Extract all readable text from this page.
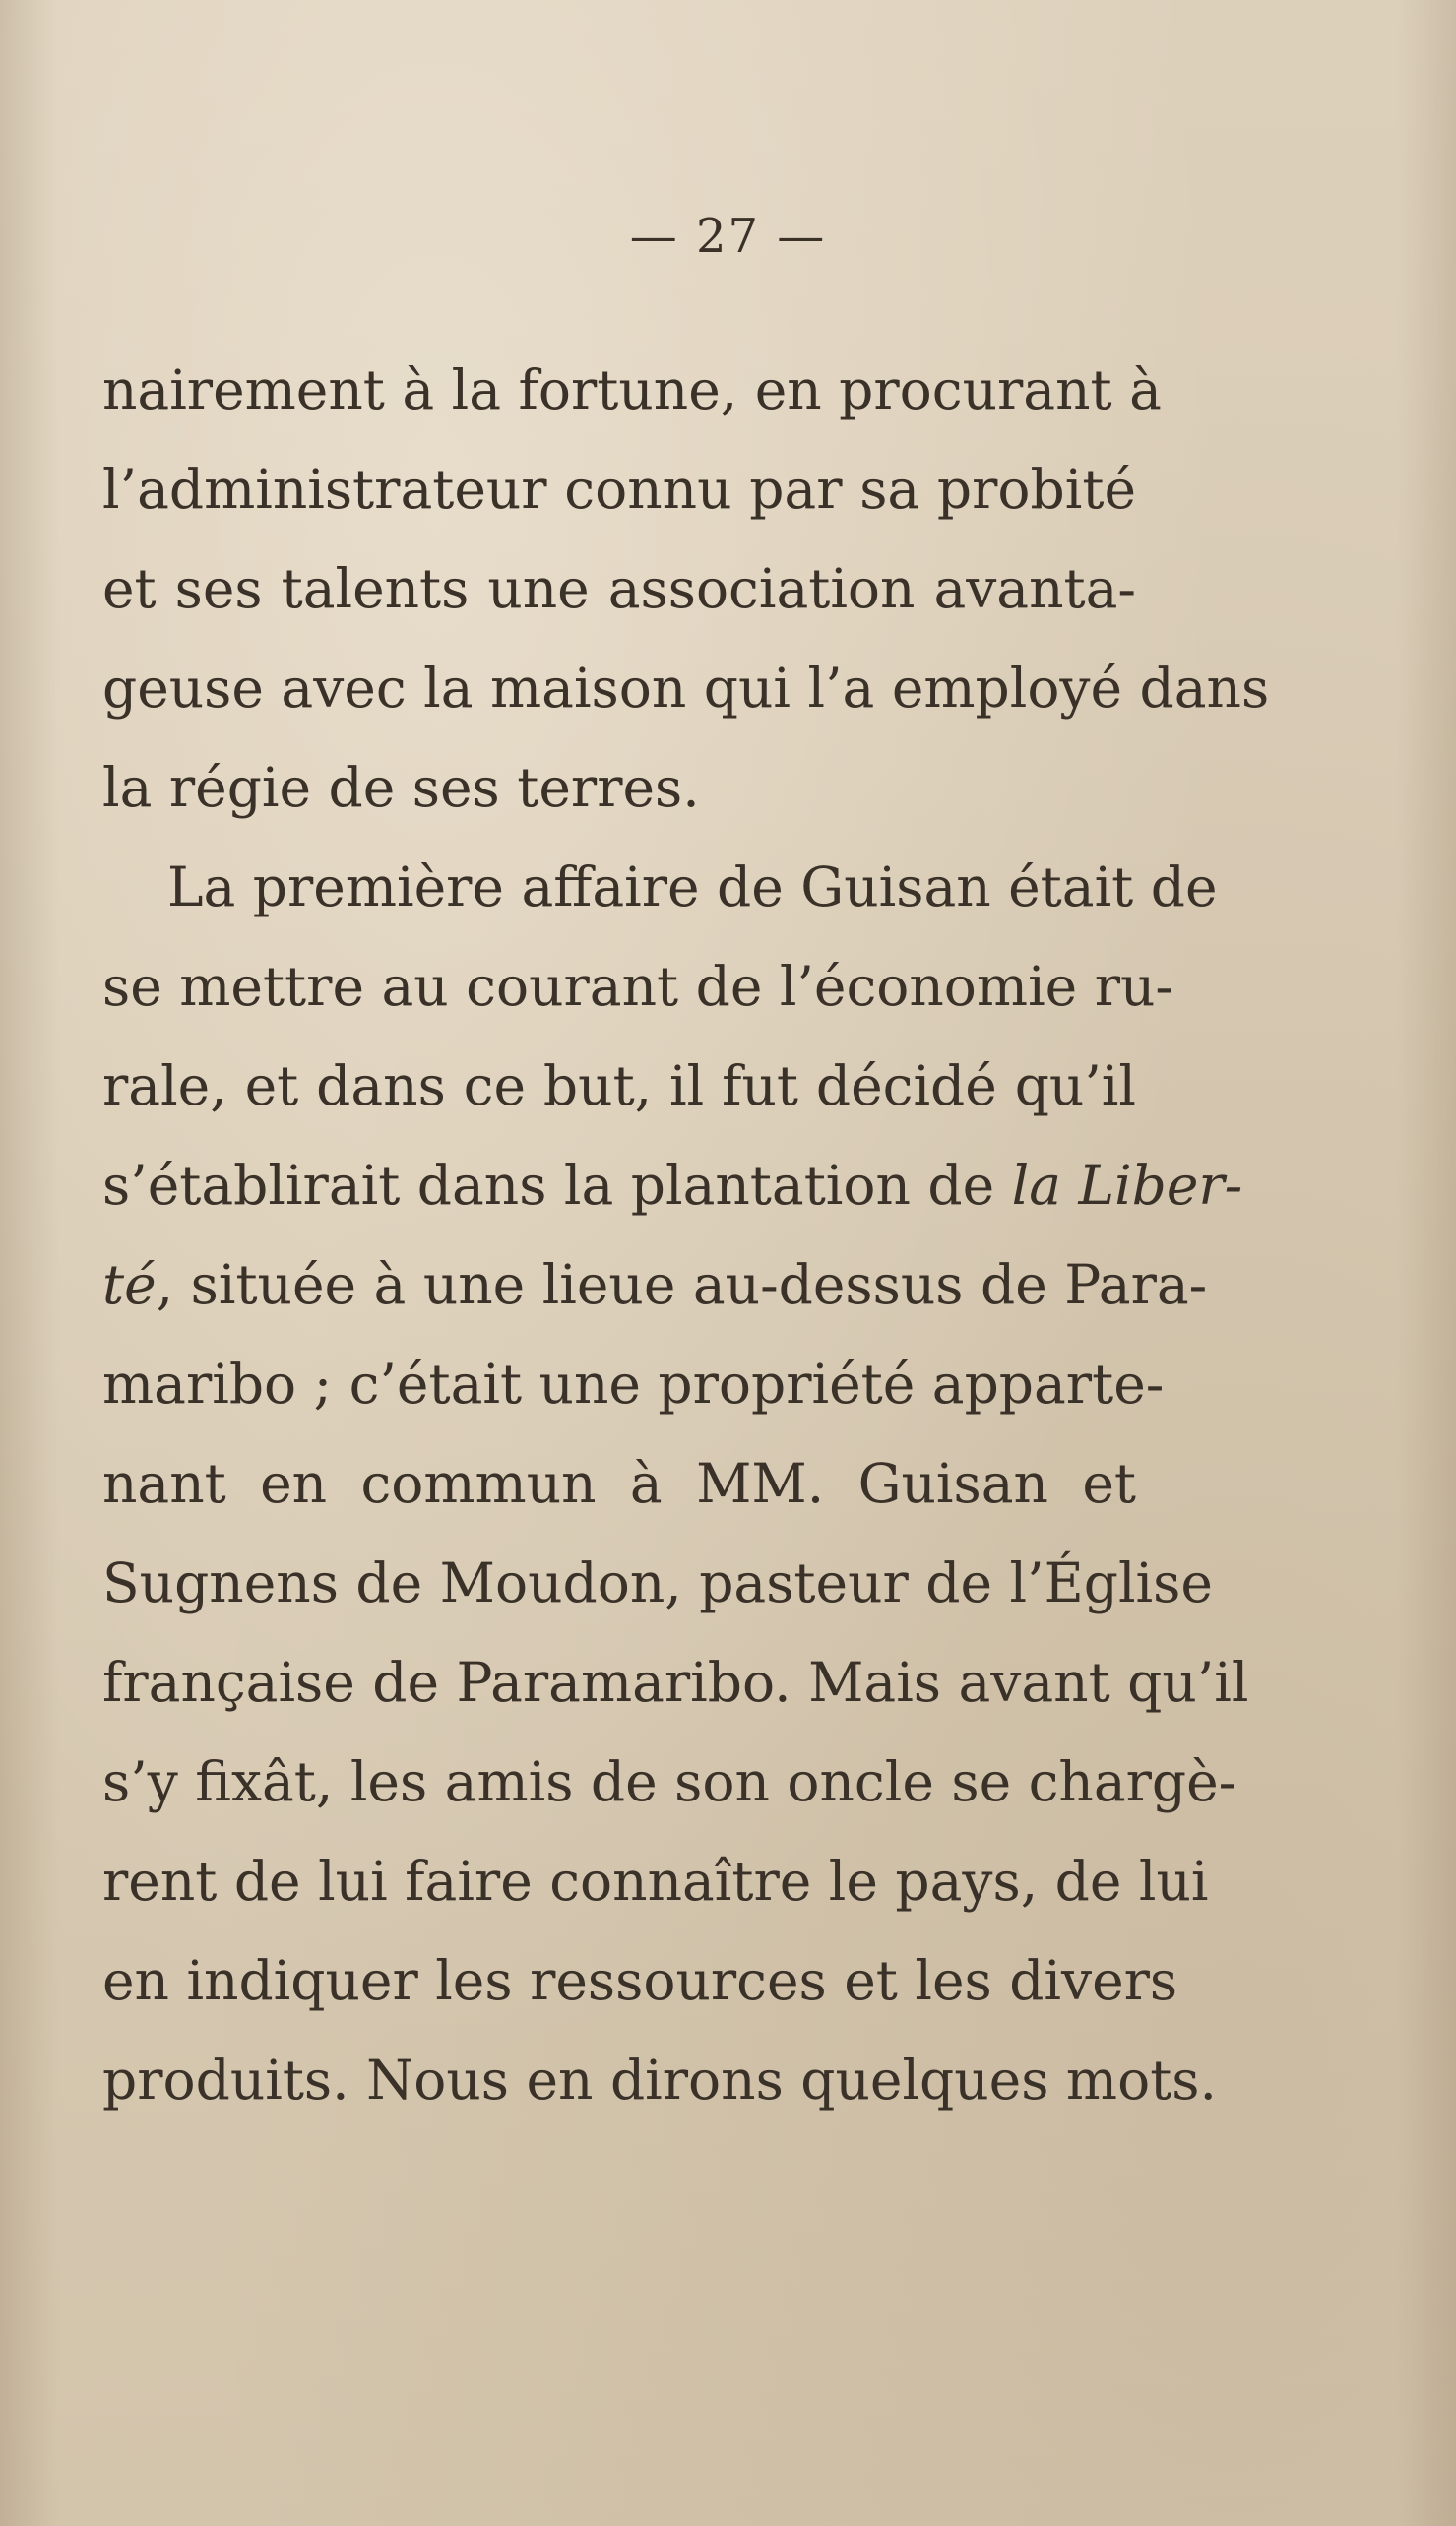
— 27 —
nairement à la fortune, en procurant à
l’administrateur connu par sa probité
et ses talents une association avanta-
geuse avec la maison qui l’a employé dans
la régie de ses terres.
La première affaire de Guisan était de
se mettre au courant de l’économie ru-
rale, et dans ce but, il fut décidé qu’il
s’établirait dans la plantation de la Liber-
té, située à une lieue au-dessus de Para-
maribo ; c’était une propriété apparte-
nant en commun à MM. Guisan et
Sugnens de Moudon, pasteur de l’Église
française de Paramaribo. Mais avant qu’il
s’y fixât, les amis de son oncle se chargè-
rent de lui faire connaître le pays, de lui
en indiquer les ressources et les divers
produits. Nous en dirons quelques mots.
